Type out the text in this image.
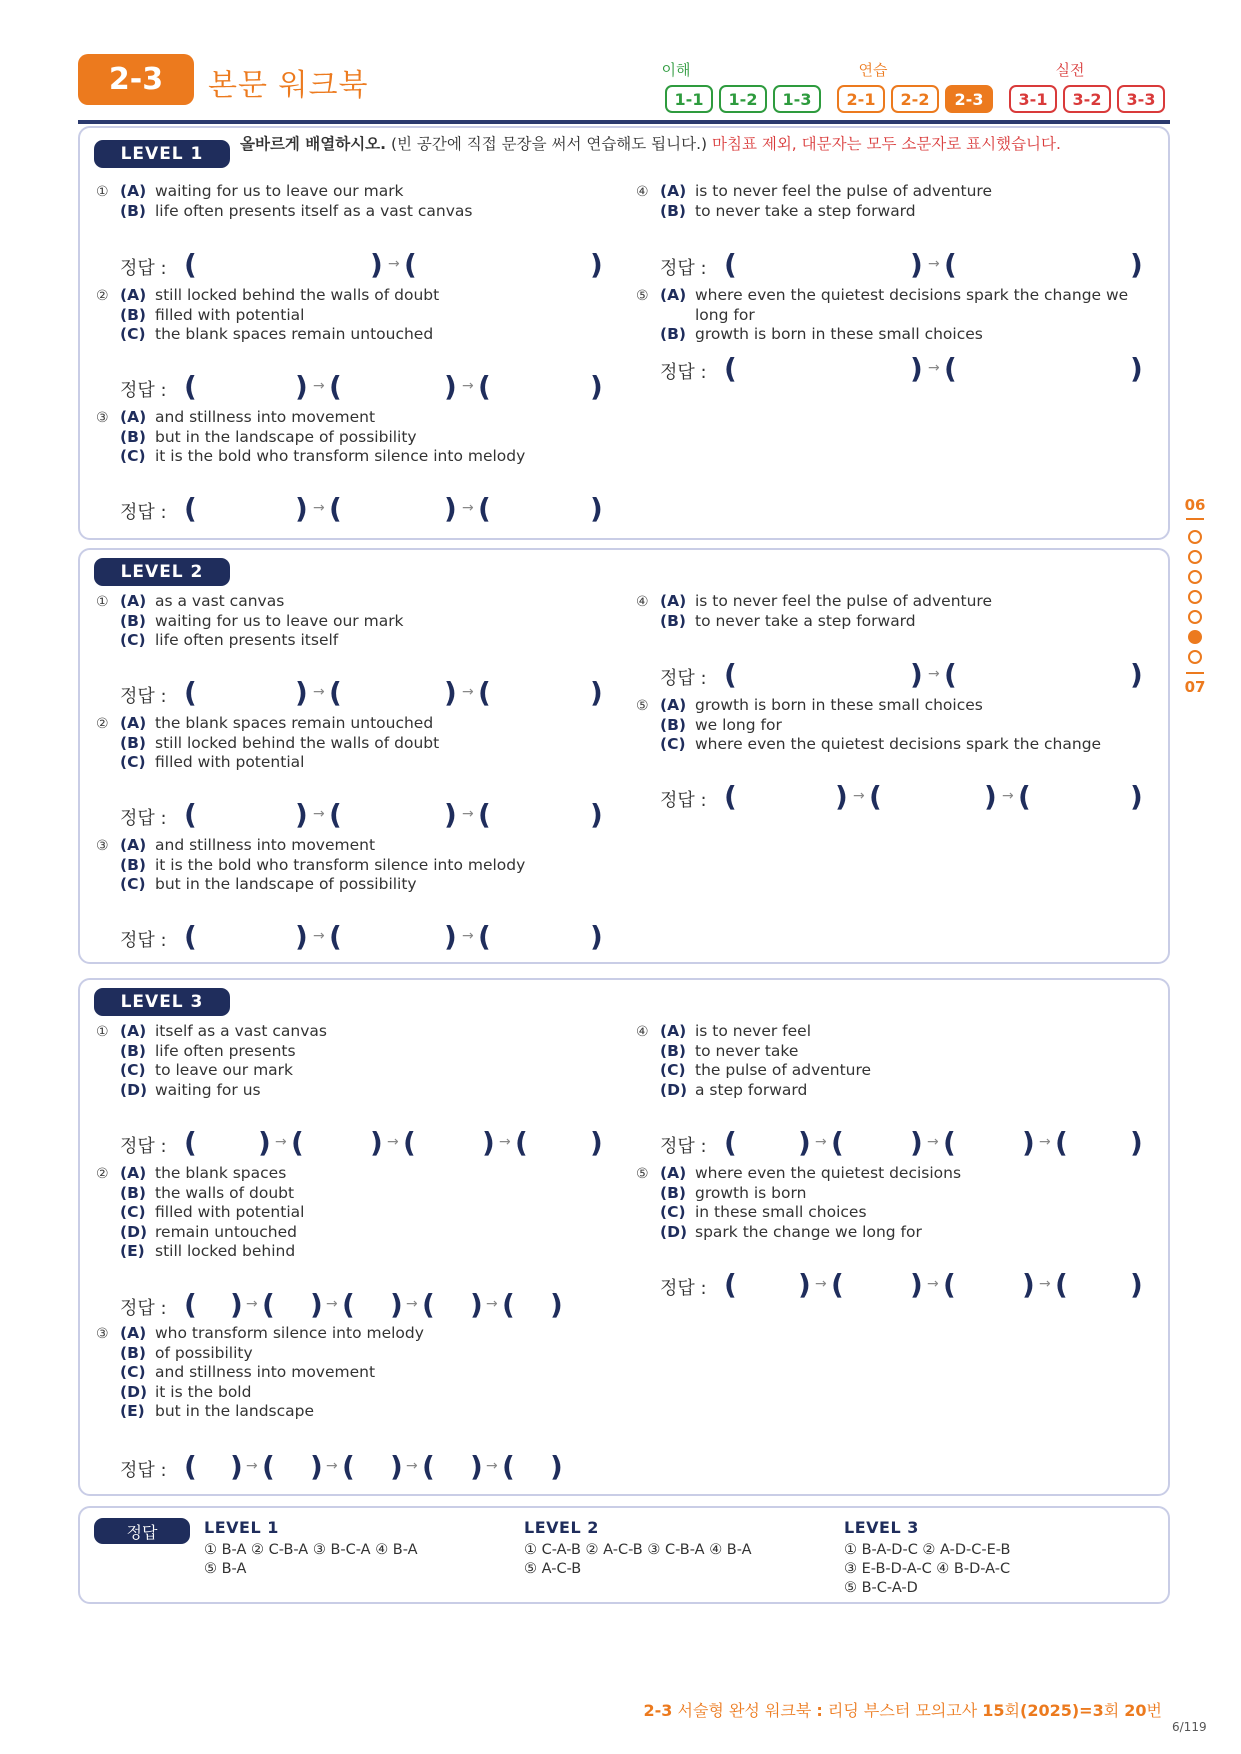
2-3	본문 워크북	이해	연습	실전
1-1	1-2	1-3	2-1	2-2	2-3	3-1	3-2	3-3
LEVEL 1	올바르게 배열하시오. (빈 공간에 직접 문장을 써서 연습해도 됩니다.) 마침표 제외, 대문자는 모두 소문자로 표시했습니다.
① (A) waiting for us to leave our mark
(B) life often presents itself as a vast canvas
정답 : (	) → (	)
② (A) still locked behind the walls of doubt
(B) filled with potential
(C) the blank spaces remain untouched
정답 : (	) → (	) → (	)
③ (A) and stillness into movement
(B) but in the landscape of possibility
(C) it is the bold who transform silence into melody
정답 : (	) → (	) → (	)
④ (A) is to never feel the pulse of adventure
(B) to never take a step forward
정답 : (	) → (	)
⑤ (A) where even the quietest decisions spark the change we
long for
(B) growth is born in these small choices
정답 : (	) → (	)
LEVEL 2
① (A) as a vast canvas
(B) waiting for us to leave our mark
(C) life often presents itself
정답 : (	) → (	) → (	)
② (A) the blank spaces remain untouched
(B) still locked behind the walls of doubt
(C) filled with potential
정답 : (	) → (	) → (	)
③ (A) and stillness into movement
(B) it is the bold who transform silence into melody
(C) but in the landscape of possibility
정답 : (	) → (	) → (	)
④ (A) is to never feel the pulse of adventure
(B) to never take a step forward
정답 : (	) → (	)
⑤ (A) growth is born in these small choices
(B) we long for
(C) where even the quietest decisions spark the change
정답 : (	) → (	) → (	)
LEVEL 3
① (A) itself as a vast canvas
(B) life often presents
(C) to leave our mark
(D) waiting for us
정답 : ( ) → ( ) → ( ) → ( )
② (A) the blank spaces
(B) the walls of doubt
(C) filled with potential
(D) remain untouched
(E) still locked behind
정답 : ( ) → ( ) → ( ) → ( ) → ( )
③ (A) who transform silence into melody
(B) of possibility
(C) and stillness into movement
(D) it is the bold
(E) but in the landscape
정답 : ( ) → ( ) → ( ) → ( ) → ( )
④ (A) is to never feel
(B) to never take
(C) the pulse of adventure
(D) a step forward
정답 : ( ) → ( ) → ( ) → ( )
⑤ (A) where even the quietest decisions
(B) growth is born
(C) in these small choices
(D) spark the change we long for
정답 : ( ) → ( ) → ( ) → ( )
정답	LEVEL 1
① B-A ② C-B-A ③ B-C-A ④ B-A
⑤ B-A
LEVEL 2
① C-A-B ② A-C-B ③ C-B-A ④ B-A
⑤ A-C-B
LEVEL 3
① B-A-D-C ② A-D-C-E-B
③ E-B-D-A-C ④ B-D-A-C
⑤ B-C-A-D
06
07
2-3 서술형 완성 워크북 : 리딩 부스터 모의고사 15회(2025)=3회 20번
6/119
